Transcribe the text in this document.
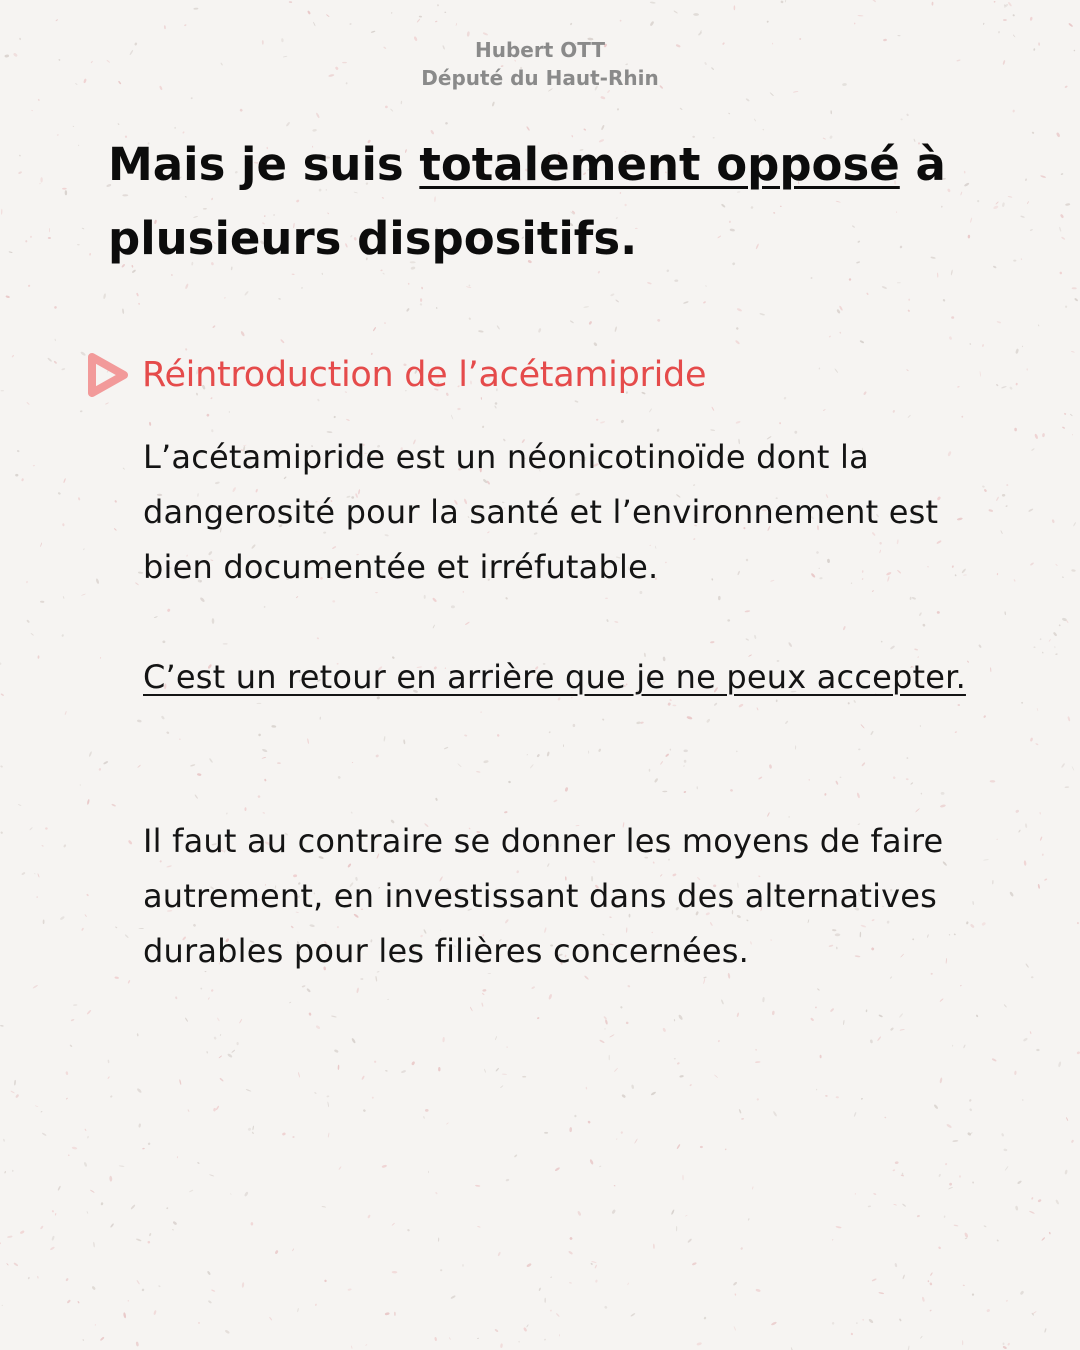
Hubert OTT
Député du Haut-Rhin
Mais je suis totalement opposé à plusieurs dispositifs.
Réintroduction de l’acétamipride
L’acétamipride est un néonicotinoïde dont la dangerosité pour la santé et l’environnement est bien documentée et irréfutable.
C’est un retour en arrière que je ne peux accepter.
Il faut au contraire se donner les moyens de faire autrement, en investissant dans des alternatives durables pour les filières concernées.
